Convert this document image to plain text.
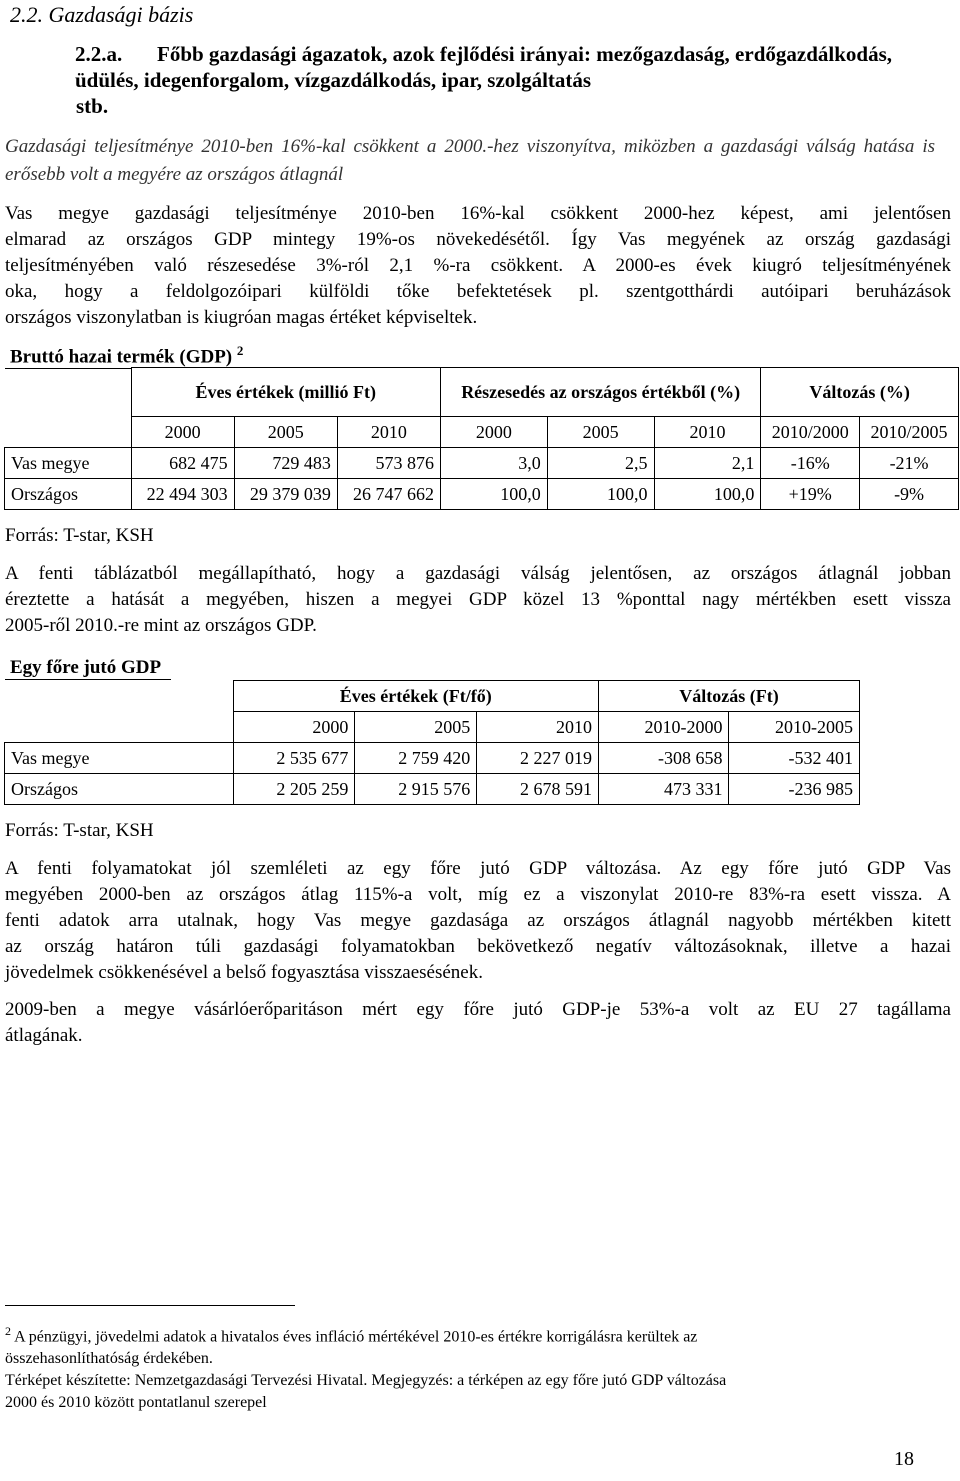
2.2. Gazdasági bázis
2.2.a.	Főbb gazdasági ágazatok, azok fejlődési irányai: mezőgazdaság, erdőgazdálkodás, üdülés, idegenforgalom, vízgazdálkodás, ipar, szolgáltatás
stb.
Gazdasági teljesítménye 2010-ben 16%-kal csökkent a 2000.-hez viszonyítva, miközben a gazdasági válság hatása is erősebb volt a megyére az országos átlagnál
Vas megye gazdasági teljesítménye 2010-ben 16%-kal csökkent 2000-hez képest, ami jelentősen
elmarad az országos GDP mintegy 19%-os növekedésétől. Így Vas megyének az ország gazdasági
teljesítményében való részesedése 3%-ról 2,1 %-ra csökkent. A 2000-es évek kiugró teljesítményének
oka, hogy a feldolgozóipari külföldi tőke befektetések pl. szentgotthárdi autóipari beruházások
országos viszonylatban is kiugróan magas értéket képviseltek.
Bruttó hazai termék (GDP) $^2$
	Éves értékek (millió Ft)			Részesedés az országos értékből (%)			Változás (%)	
	2000	2005	2010	2000	2005	2010	2010/2000	2010/2005
Vas megye	682 475	729 483	573 876	3,0	2,5	2,1	-16%	-21%
Országos	22 494 303	29 379 039	26 747 662	100,0	100,0	100,0	+19%	-9%
Forrás: T-star, KSH
A fenti táblázatból megállapítható, hogy a gazdasági válság jelentősen, az országos átlagnál jobban
éreztette a hatását a megyében, hiszen a megyei GDP közel 13 %ponttal nagy mértékben esett vissza
2005-ről 2010.-re mint az országos GDP.
Egy főre jutó GDP
	Éves értékek (Ft/fő)			Változás (Ft)	
	2000	2005	2010	2010-2000	2010-2005
Vas megye	2 535 677	2 759 420	2 227 019	-308 658	-532 401
Országos	2 205 259	2 915 576	2 678 591	473 331	-236 985
Forrás: T-star, KSH
A fenti folyamatokat jól szemléleti az egy főre jutó GDP változása. Az egy főre jutó GDP Vas
megyében 2000-ben az országos átlag 115%-a volt, míg ez a viszonylat 2010-re 83%-ra esett vissza. A
fenti adatok arra utalnak, hogy Vas megye gazdasága az országos átlagnál nagyobb mértékben kitett
az ország határon túli gazdasági folyamatokban bekövetkező negatív változásoknak, illetve a hazai
jövedelmek csökkenésével a belső fogyasztása visszaesésének.
2009-ben a megye vásárlóerőparitáson mért egy főre jutó GDP-je 53%-a volt az EU 27 tagállama
átlagának.
$^2$ A pénzügyi, jövedelmi adatok a hivatalos éves infláció mértékével 2010-es értékre korrigálásra kerültek az
összehasonlíthatóság érdekében.
Térképet készítette: Nemzetgazdasági Tervezési Hivatal. Megjegyzés: a térképen az egy főre jutó GDP változása
2000 és 2010 között pontatlanul szerepel
18
